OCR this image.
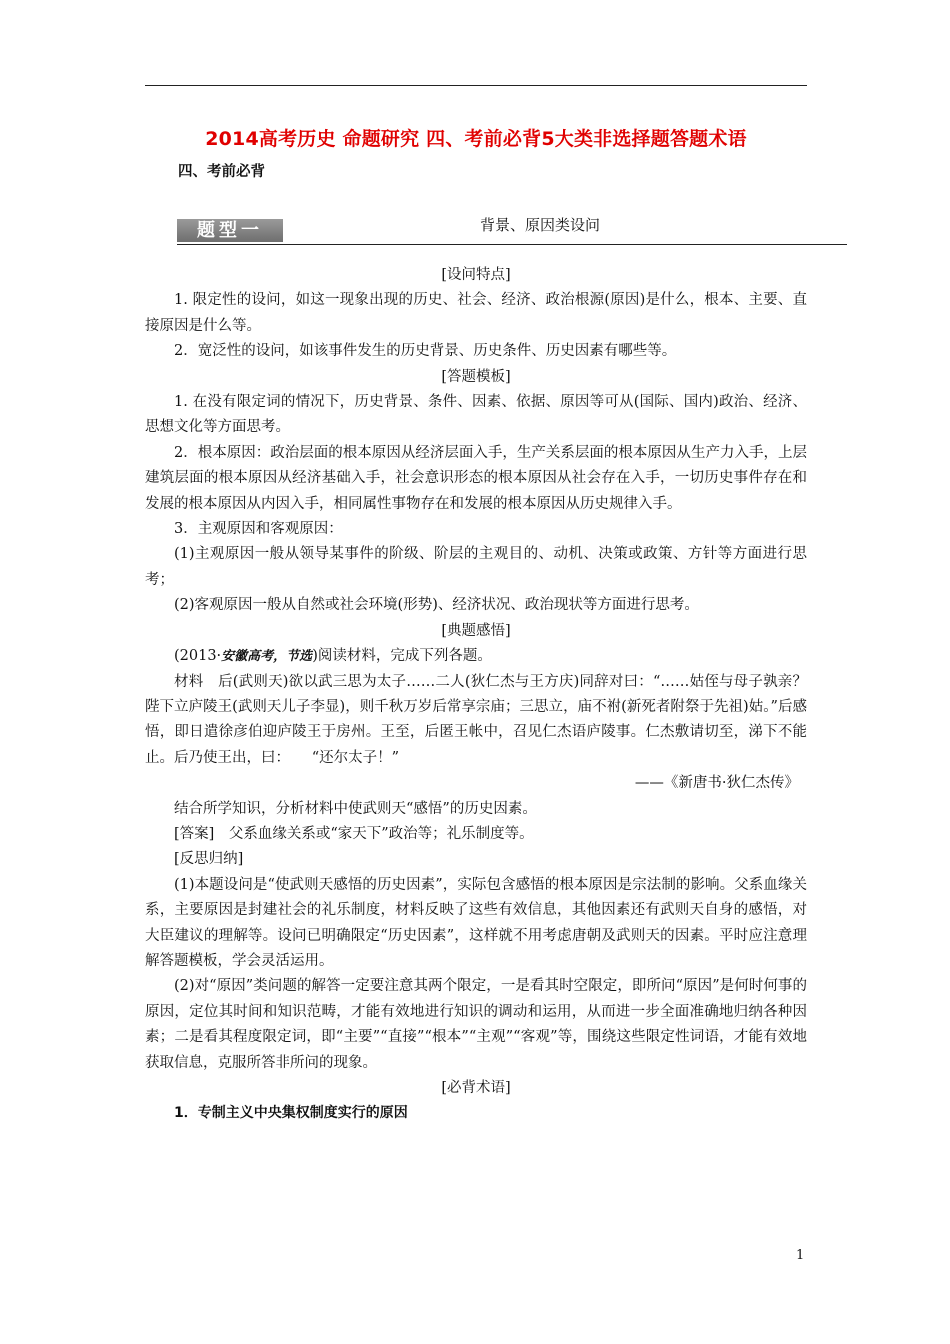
2014高考历史 命题研究 四、考前必背5大类非选择题答题术语
四、考前必背
题型一	背景、原因类设问

[设问特点]

1. 限定性的设问，如这一现象出现的历史、社会、经济、政治根源(原因)是什么，根本、主要、直接原因是什么等。

2．宽泛性的设问，如该事件发生的历史背景、历史条件、历史因素有哪些等。

[答题模板]

1. 在没有限定词的情况下，历史背景、条件、因素、依据、原因等可从(国际、国内)政治、经济、思想文化等方面思考。

2．根本原因：政治层面的根本原因从经济层面入手，生产关系层面的根本原因从生产力入手，上层建筑层面的根本原因从经济基础入手，社会意识形态的根本原因从社会存在入手，一切历史事件存在和发展的根本原因从内因入手，相同属性事物存在和发展的根本原因从历史规律入手。

3．主观原因和客观原因：

(1)主观原因一般从领导某事件的阶级、阶层的主观目的、动机、决策或政策、方针等方面进行思考；

(2)客观原因一般从自然或社会环境(形势)、经济状况、政治现状等方面进行思考。

[典题感悟]

(2013·安徽高考，节选)阅读材料，完成下列各题。

材料　后(武则天)欲以武三思为太子……二人(狄仁杰与王方庆)同辞对曰：“……姑侄与母子孰亲？陛下立庐陵王(武则天儿子李显)，则千秋万岁后常享宗庙；三思立，庙不祔(新死者附祭于先祖)姑。”后感悟，即日遣徐彦伯迎庐陵王于房州。王至，后匿王帐中，召见仁杰语庐陵事。仁杰敷请切至，涕下不能止。后乃使王出，曰：　　“还尔太子！”

——《新唐书·狄仁杰传》

结合所学知识，分析材料中使武则天“感悟”的历史因素。

[答案]　 父系血缘关系或“家天下”政治等；礼乐制度等。

[反思归纳]

(1)本题设问是“使武则天感悟的历史因素”，实际包含感悟的根本原因是宗法制的影响。父系血缘关系，主要原因是封建社会的礼乐制度，材料反映了这些有效信息，其他因素还有武则天自身的感悟，对大臣建议的理解等。设问已明确限定“历史因素”，这样就不用考虑唐朝及武则天的因素。平时应注意理解答题模板，学会灵活运用。

(2)对“原因”类问题的解答一定要注意其两个限定，一是看其时空限定，即所问“原因”是何时何事的原因，定位其时间和知识范畴，才能有效地进行知识的调动和运用，从而进一步全面准确地归纳各种因素；二是看其程度限定词，即“主要”“直接”“根本”“主观”“客观”等，围绕这些限定性词语，才能有效地获取信息，克服所答非所问的现象。

[必背术语]

1．专制主义中央集权制度实行的原因

1
